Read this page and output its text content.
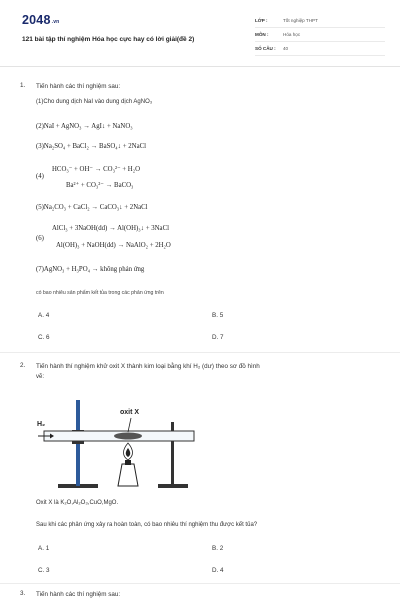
2048.vn
121 bài tập thí nghiệm Hóa học cực hay có lời giải(đề 2)
LỚP :	Tốt nghiệp THPT
MÔN :	Hóa học
SỐ CÂU : 40
1. Tiến hành các thí nghiệm sau:
(1)Cho dung dịch NaI vào dung dịch AgNO₃
(2)NaI + AgNO₃ → AgI↓ + NaNO₃
(3)Na₂SO₄ + BaCl₂ → BaSO₄↓ + 2NaCl
(4)
HCO₃⁻ + OH⁻ → CO₃²⁻ + H₂O
Ba²⁺ + CO₃²⁻ → BaCO₃
(5)Na₂CO₃ + CaCl₂ → CaCO₃↓ + 2NaCl
(6)
AlCl₃ + 3NaOH(dd) → Al(OH)₃↓ + 3NaCl
Al(OH)₃ + NaOH(dd) → NaAlO₂ + 2H₂O
(7)AgNO₃ + H₃PO₄ → không phản ứng
có bao nhiêu sản phẩm kết tủa trong các phản ứng trên
A. 4	B. 5
C. 6	D. 7
2. Tiến hành thí nghiệm khử oxit X thành kim loại bằng khí H₂ (dư) theo sơ đồ hình
vẽ:
H₂
oxit X
Oxit X là K₂O,Al₂O₃,CuO,MgO.
Sau khi các phản ứng xảy ra hoàn toàn, có bao nhiêu thí nghiệm thu được kết tủa?
A. 1	B. 2
C. 3	D. 4
3. Tiến hành các thí nghiệm sau:
